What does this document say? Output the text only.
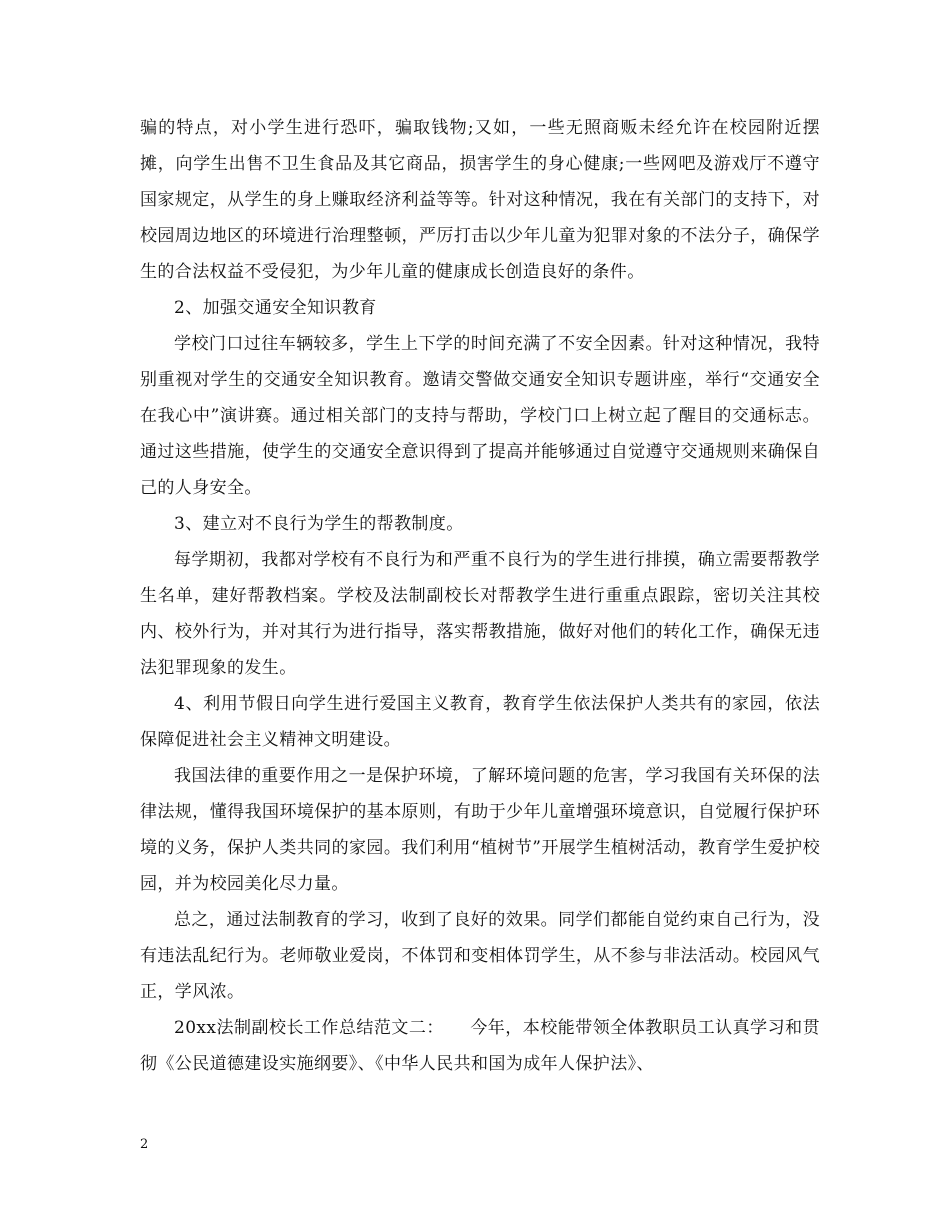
骗的特点，对小学生进行恐吓，骗取钱物;又如，一些无照商贩未经允许在校园附近摆摊，向学生出售不卫生食品及其它商品，损害学生的身心健康;一些网吧及游戏厅不遵守国家规定，从学生的身上赚取经济利益等等。针对这种情况，我在有关部门的支持下，对校园周边地区的环境进行治理整顿，严厉打击以少年儿童为犯罪对象的不法分子，确保学生的合法权益不受侵犯，为少年儿童的健康成长创造良好的条件。

2、加强交通安全知识教育

学校门口过往车辆较多，学生上下学的时间充满了不安全因素。针对这种情况，我特别重视对学生的交通安全知识教育。邀请交警做交通安全知识专题讲座，举行“交通安全在我心中”演讲赛。通过相关部门的支持与帮助，学校门口上树立起了醒目的交通标志。通过这些措施，使学生的交通安全意识得到了提高并能够通过自觉遵守交通规则来确保自己的人身安全。

3、建立对不良行为学生的帮教制度。

每学期初，我都对学校有不良行为和严重不良行为的学生进行排摸，确立需要帮教学生名单，建好帮教档案。学校及法制副校长对帮教学生进行重重点跟踪，密切关注其校内、校外行为，并对其行为进行指导，落实帮教措施，做好对他们的转化工作，确保无违法犯罪现象的发生。

4、利用节假日向学生进行爱国主义教育，教育学生依法保护人类共有的家园，依法保障促进社会主义精神文明建设。

我国法律的重要作用之一是保护环境，了解环境问题的危害，学习我国有关环保的法律法规，懂得我国环境保护的基本原则，有助于少年儿童增强环境意识，自觉履行保护环境的义务，保护人类共同的家园。我们利用“植树节”开展学生植树活动，教育学生爱护校园，并为校园美化尽力量。

总之，通过法制教育的学习，收到了良好的效果。同学们都能自觉约束自己行为，没有违法乱纪行为。老师敬业爱岗，不体罚和变相体罚学生，从不参与非法活动。校园风气正，学风浓。

20xx法制副校长工作总结范文二：　　今年，本校能带领全体教职员工认真学习和贯彻《公民道德建设实施纲要》、《中华人民共和国为成年人保护法》、

2
